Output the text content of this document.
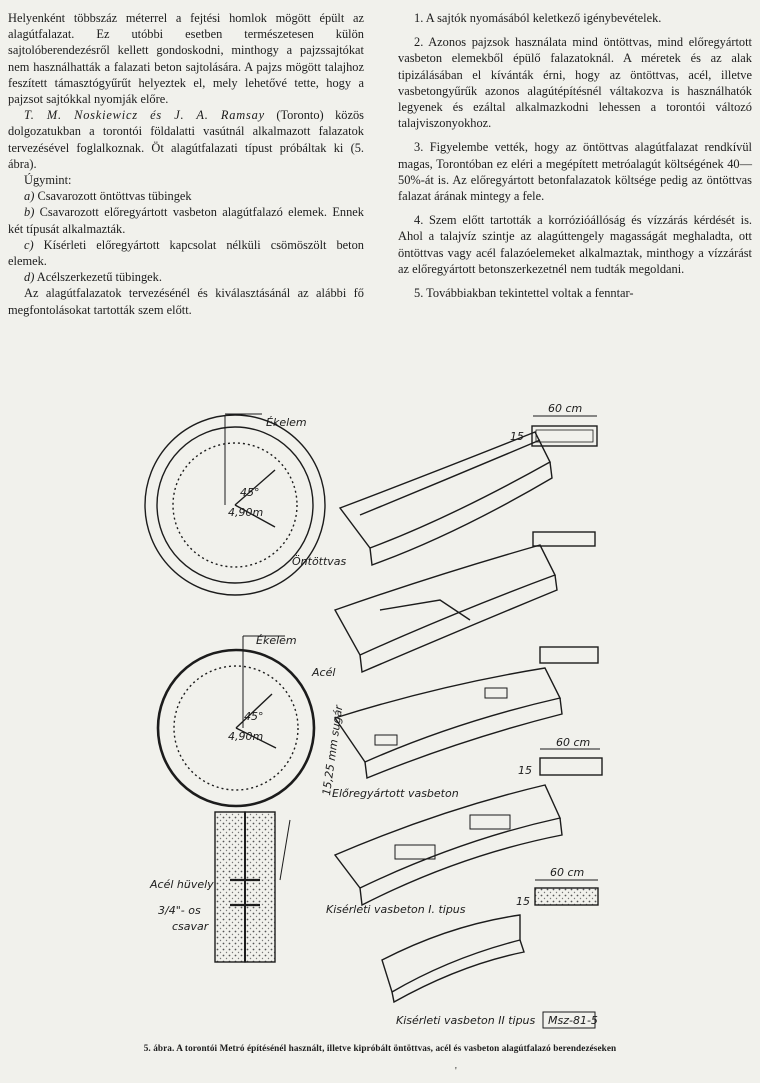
Helyenként többszáz méterrel a fejtési homlok mögött épült az alagútfalazat. Ez utóbbi esetben természetesen külön sajtolóberendezésről kellett gondoskodni, minthogy a pajzssajtókat nem használhatták a falazati beton sajtolására. A pajzs mögött talajhoz feszített támasztógyűrűt helyeztek el, mely lehetővé tette, hogy a pajzsot sajtókkal nyomják előre.

T. M. Noskiewicz és J. A. Ramsay (Toronto) közös dolgozatukban a torontói földalatti vasútnál alkalmazott falazatok tervezésével foglalkoznak. Öt alagútfalazati típust próbáltak ki (5. ábra).

Úgymint:

a) Csavarozott öntöttvas tübingek

b) Csavarozott előregyártott vasbeton alagútfalazó elemek. Ennek két típusát alkalmazták.

c) Kísérleti előregyártott kapcsolat nélküli csömöszölt beton elemek.

d) Acélszerkezetű tübingek.

Az alagútfalazatok tervezésénél és kiválasztásánál az alábbi fő megfontolásokat tartották szem előtt.

1. A sajtók nyomásából keletkező igénybevételek.

2. Azonos pajzsok használata mind öntöttvas, mind előregyártott vasbeton elemekből épülő falazatoknál. A méretek és az alak tipizálásában el kívánták érni, hogy az öntöttvas, acél, illetve vasbetongyűrűk azonos alagútépítésnél váltakozva is használhatók legyenek és ezáltal alkalmazkodni lehessen a torontói változó talajviszonyokhoz.

3. Figyelembe vették, hogy az öntöttvas alagútfalazat rendkívül magas, Torontóban ez eléri a megépített metróalagút költségének 40—50%-át is. Az előregyártott betonfalazatok költsége pedig az öntöttvas falazat árának mintegy a fele.

4. Szem előtt tartották a korrózióállóság és vízzárás kérdését is. Ahol a talajvíz szintje az alagúttengely magasságát meghaladta, ott öntöttvas vagy acél falazóelemeket alkalmaztak, minthogy a vízzárást az előregyártott betonszerkezetnél nem tudták megoldani.

5. Továbbiakban tekintettel voltak a fenntar-

Ékelem
45°
4,90m
Öntöttvas
60 cm
15
Acél
Ékelem
45°
4,90m	15,25 mm sugár	60 cm
15
Előregyártott vasbeton
Acél hüvely
3/4"- os
csavar
60 cm
15
Kisérleti vasbeton I. tipus
Kisérleti vasbeton II tipus Msz-81-5
5. ábra. A torontói Metró építésénél használt, illetve kipróbált öntöttvas, acél és vasbeton alagútfalazó berendezéseken
'
